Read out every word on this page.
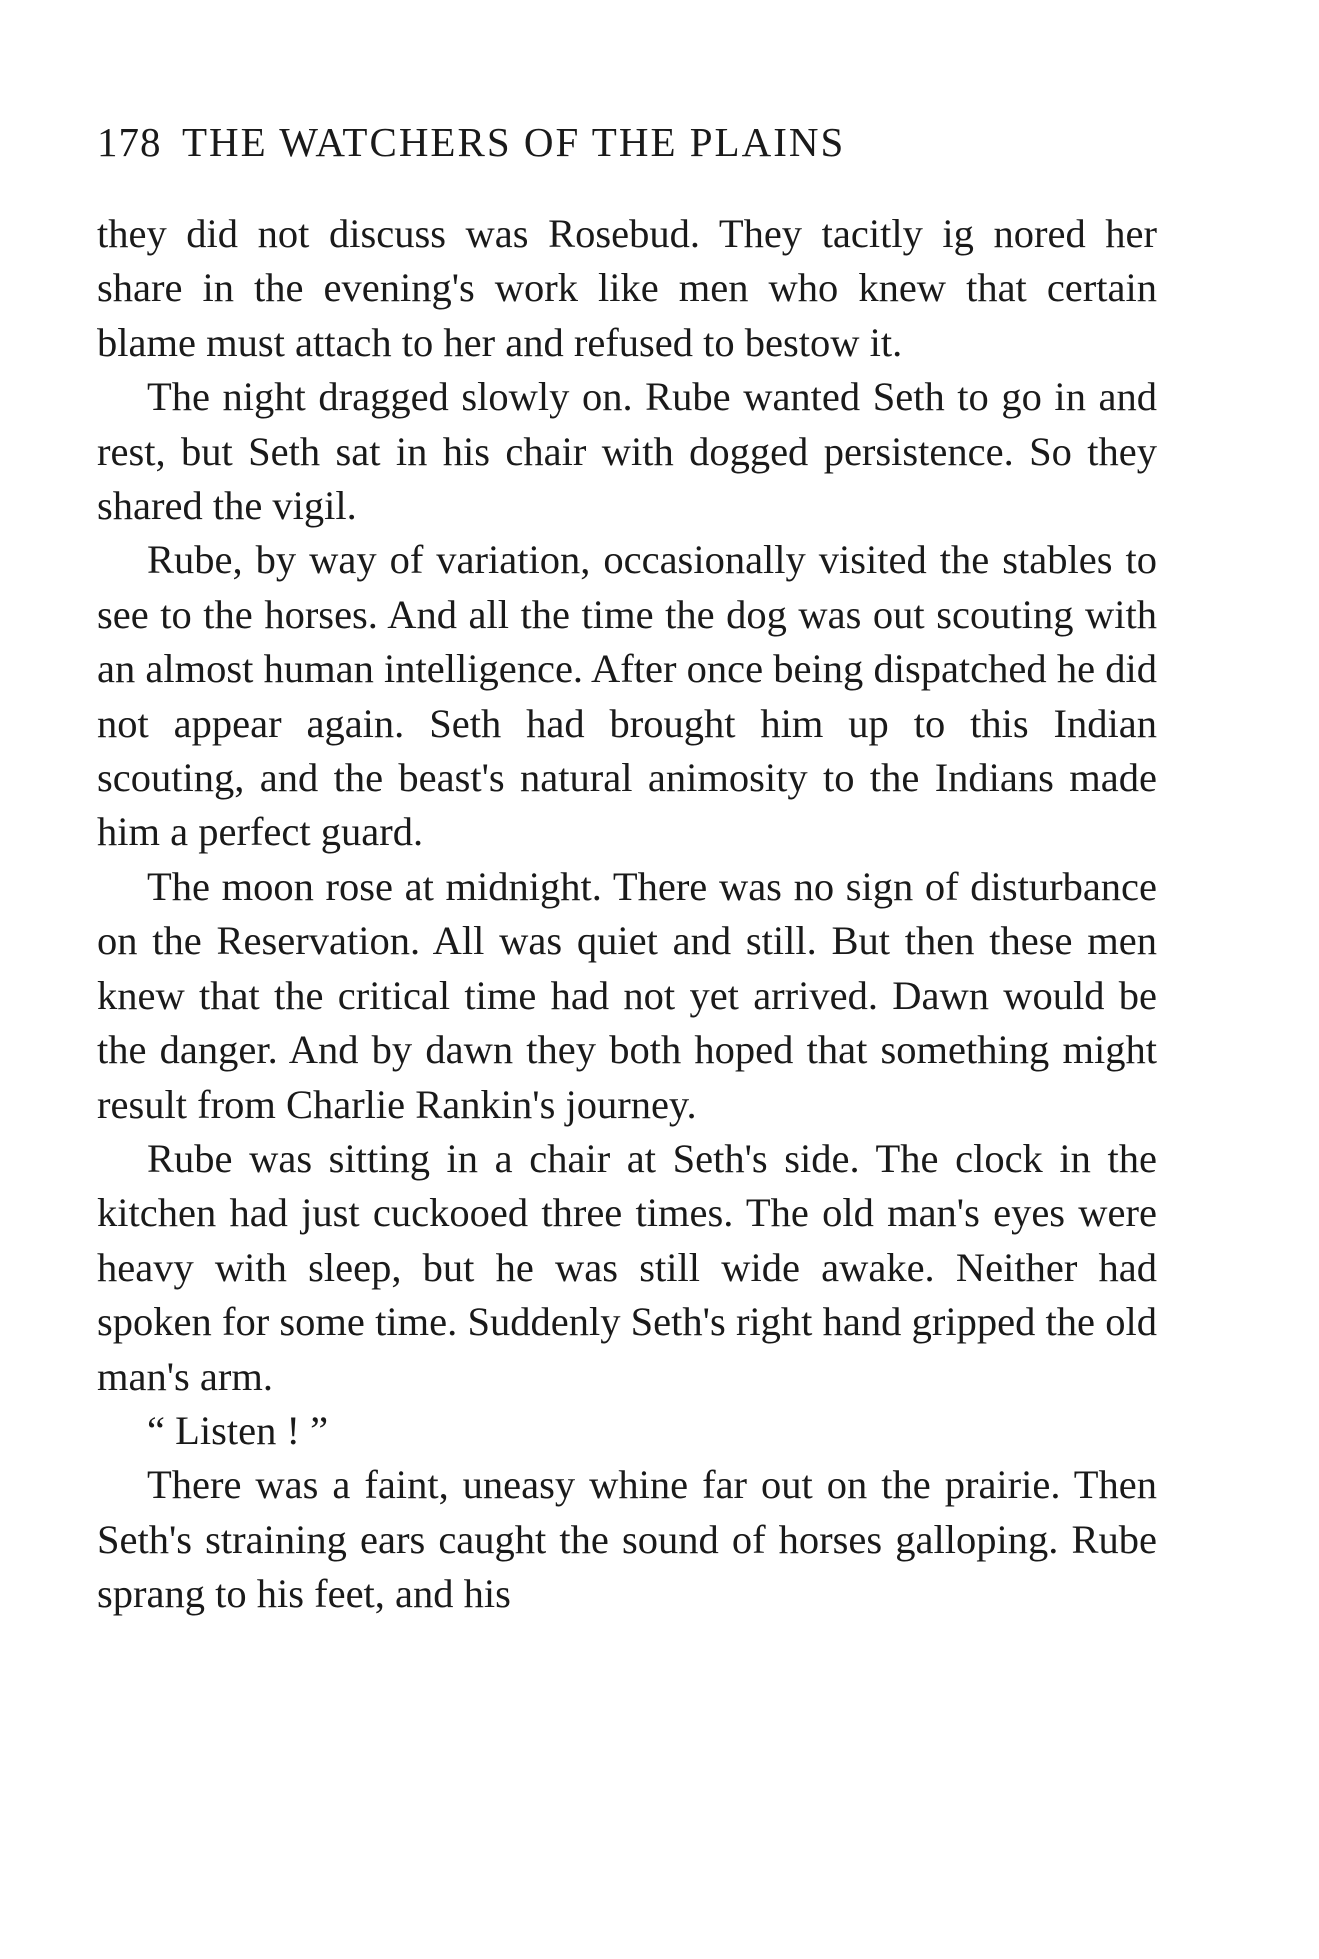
178 THE WATCHERS OF THE PLAINS

they did not discuss was Rosebud. They tacitly ig nored her share in the evening's work like men who knew that certain blame must attach to her and refused to bestow it.

The night dragged slowly on. Rube wanted Seth to go in and rest, but Seth sat in his chair with dogged persistence. So they shared the vigil.

Rube, by way of variation, occasionally visited the stables to see to the horses. And all the time the dog was out scouting with an almost human intelligence. After once being dispatched he did not appear again. Seth had brought him up to this Indian scouting, and the beast's natural animosity to the Indians made him a perfect guard.

The moon rose at midnight. There was no sign of disturbance on the Reservation. All was quiet and still. But then these men knew that the critical time had not yet arrived. Dawn would be the danger. And by dawn they both hoped that something might result from Charlie Rankin's journey.

Rube was sitting in a chair at Seth's side. The clock in the kitchen had just cuckooed three times. The old man's eyes were heavy with sleep, but he was still wide awake. Neither had spoken for some time. Suddenly Seth's right hand gripped the old man's arm.

“ Listen ! ”

There was a faint, uneasy whine far out on the prairie. Then Seth's straining ears caught the sound of horses galloping. Rube sprang to his feet, and his
